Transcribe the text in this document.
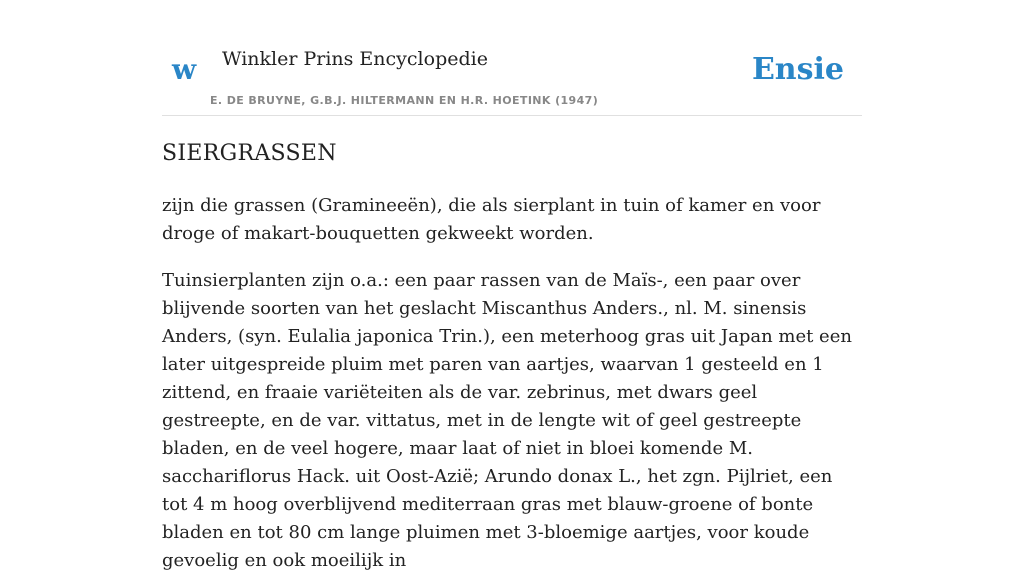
w Winkler Prins Encyclopedie
E. DE BRUYNE, G.B.J. HILTERMANN EN H.R. HOETINK (1947)
Ensie
SIERGRASSEN

zijn die grassen (Gramineeën), die als sierplant in tuin of kamer en voor droge of makart-bouquetten gekweekt worden.

Tuinsierplanten zijn o.a.: een paar rassen van de Maïs-, een paar over blijvende soorten van het geslacht Miscanthus Anders., nl. M. sinensis Anders, (syn. Eulalia japonica Trin.), een meterhoog gras uit Japan met een later uitgespreide pluim met paren van aartjes, waarvan 1 gesteeld en 1 zittend, en fraaie variëteiten als de var. zebrinus, met dwars geel gestreepte, en de var. vittatus, met in de lengte wit of geel gestreepte bladen, en de veel hogere, maar laat of niet in bloei komende M. sacchariflorus Hack. uit Oost-Azië; Arundo donax L., het zgn. Pijlriet, een tot 4 m hoog overblijvend mediterraan gras met blauw-groene of bonte bladen en tot 80 cm lange pluimen met 3-bloemige aartjes, voor koude gevoelig en ook moeilijk in
